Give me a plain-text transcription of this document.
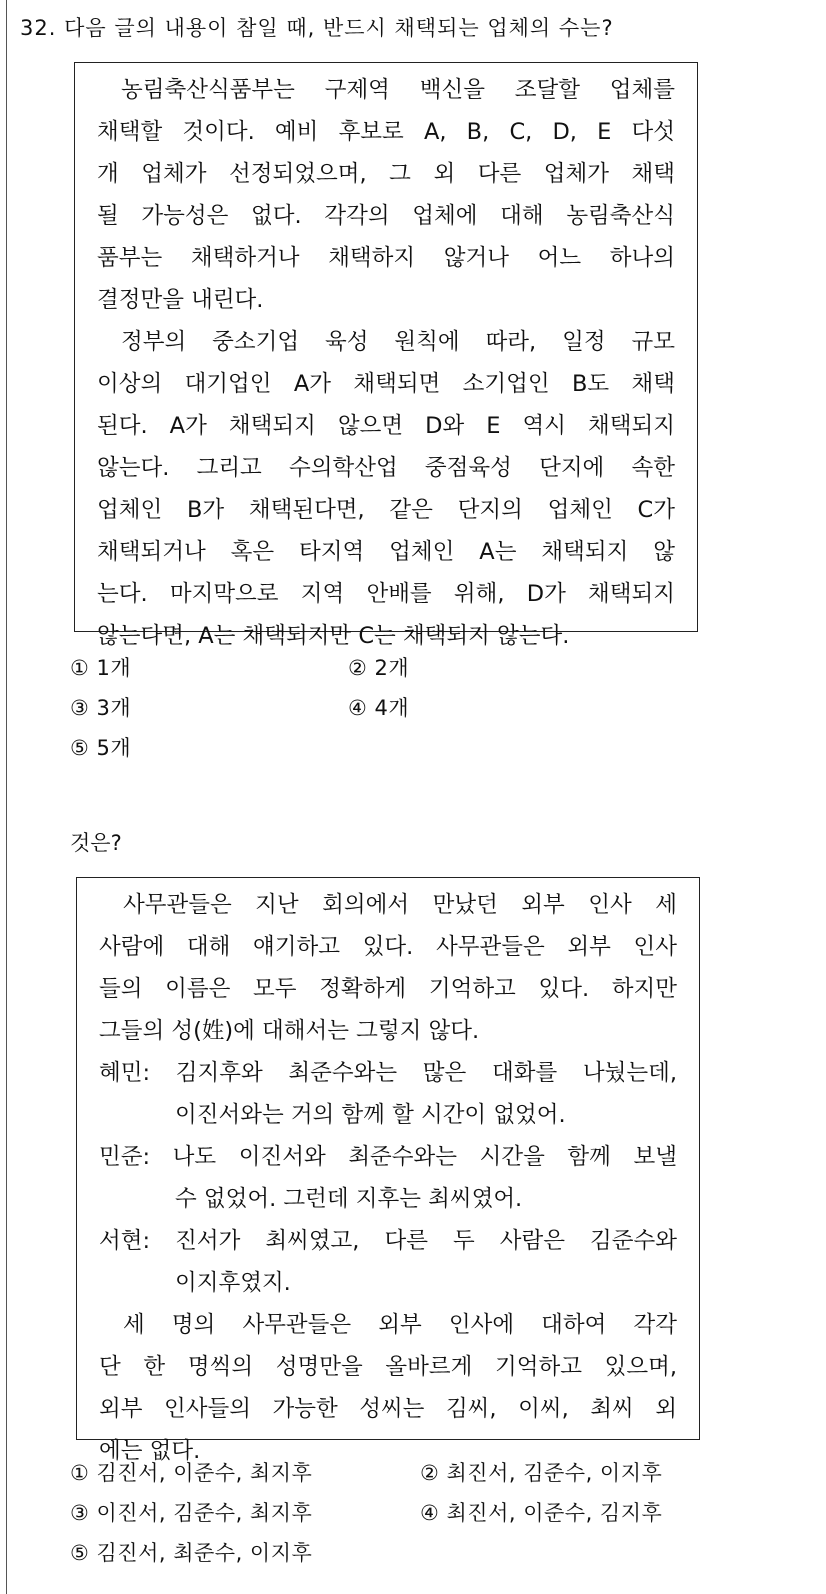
32. 다음 글의 내용이 참일 때, 반드시 채택되는 업체의 수는?
농림축산식품부는 구제역 백신을 조달할 업체를
채택할 것이다. 예비 후보로 A, B, C, D, E 다섯
개 업체가 선정되었으며, 그 외 다른 업체가 채택
될 가능성은 없다. 각각의 업체에 대해 농림축산식
품부는 채택하거나 채택하지 않거나 어느 하나의
결정만을 내린다.
정부의 중소기업 육성 원칙에 따라, 일정 규모
이상의 대기업인 A가 채택되면 소기업인 B도 채택
된다. A가 채택되지 않으면 D와 E 역시 채택되지
않는다. 그리고 수의학산업 중점육성 단지에 속한
업체인 B가 채택된다면, 같은 단지의 업체인 C가
채택되거나 혹은 타지역 업체인 A는 채택되지 않
는다. 마지막으로 지역 안배를 위해, D가 채택되지
않는다면, A는 채택되지만 C는 채택되지 않는다.
① 1개	② 2개
③ 3개	④ 4개
⑤ 5개
것은?
사무관들은 지난 회의에서 만났던 외부 인사 세
사람에 대해 얘기하고 있다. 사무관들은 외부 인사
들의 이름은 모두 정확하게 기억하고 있다. 하지만
그들의 성(姓)에 대해서는 그렇지 않다.
혜민: 김지후와 최준수와는 많은 대화를 나눴는데,
이진서와는 거의 함께 할 시간이 없었어.
민준: 나도 이진서와 최준수와는 시간을 함께 보낼
수 없었어. 그런데 지후는 최씨였어.
서현: 진서가 최씨였고, 다른 두 사람은 김준수와
이지후였지.
세 명의 사무관들은 외부 인사에 대하여 각각
단 한 명씩의 성명만을 올바르게 기억하고 있으며,
외부 인사들의 가능한 성씨는 김씨, 이씨, 최씨 외
에는 없다.
① 김진서, 이준수, 최지후	② 최진서, 김준수, 이지후
③ 이진서, 김준수, 최지후	④ 최진서, 이준수, 김지후
⑤ 김진서, 최준수, 이지후
